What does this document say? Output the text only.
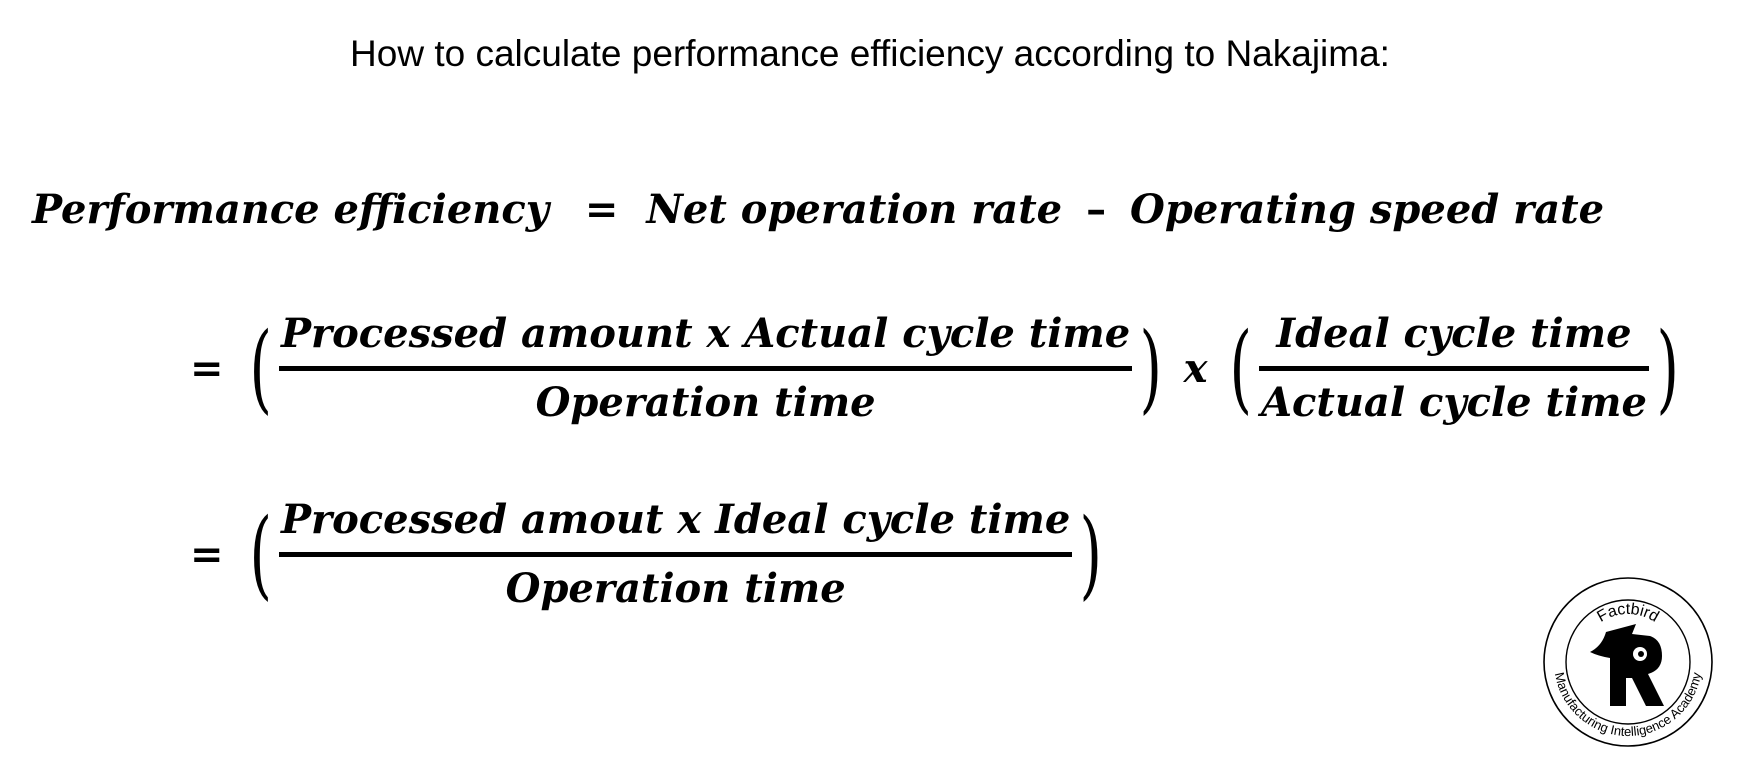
How to calculate performance efficiency according to Nakajima:
Performance efficiency = Net operation rate – Operating speed rate
= ( Processed amount x Actual cycle time
Operation time	) x ( Ideal cycle time
Actual cycle time )
= ( Processed amout x Ideal cycle time
Operation time )
Factbird
Manufacturing Intelligence Academy
